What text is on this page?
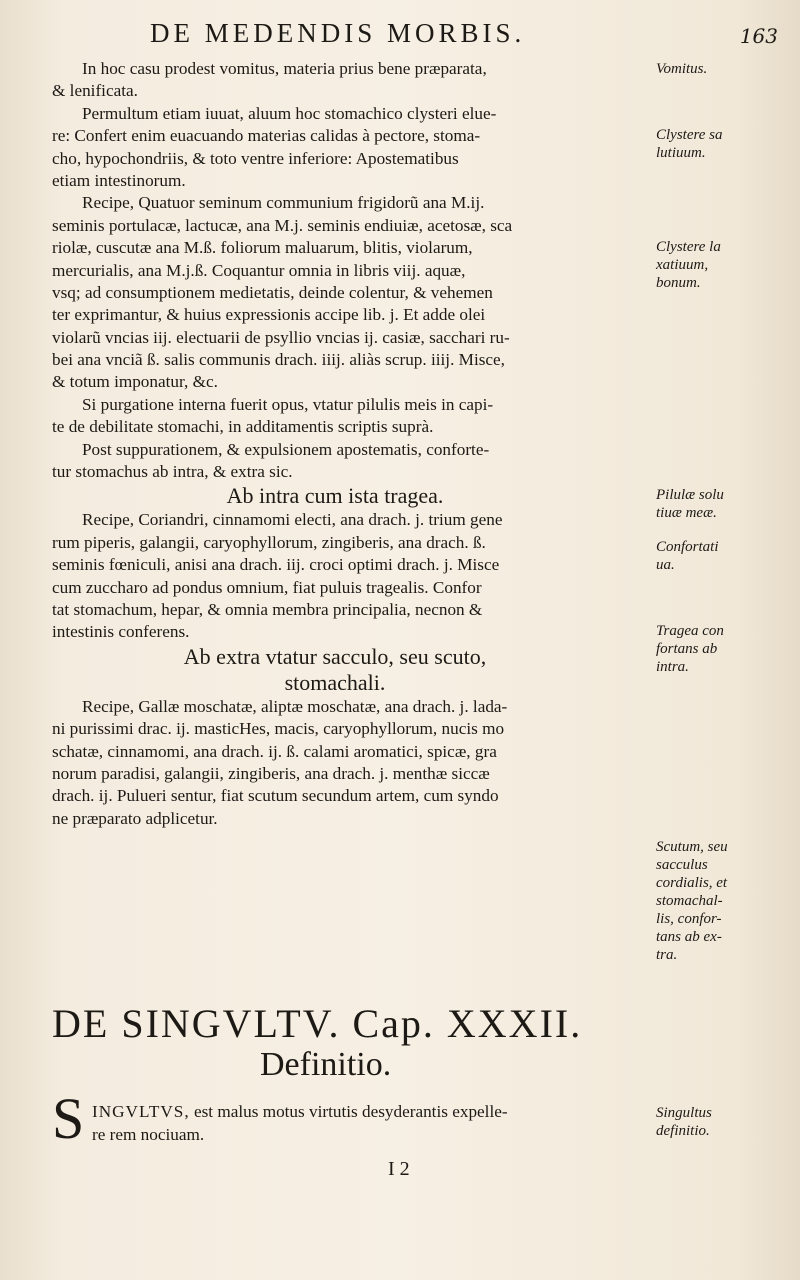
DE MEDENDIS MORBIS.	163
In hoc casu prodest vomitus, materia prius bene præparata,
& lenificata.
Permultum etiam iuuat, aluum hoc stomachico clysteri elue-
re: Confert enim euacuando materias calidas à pectore, stoma-
cho, hypochondriis, & toto ventre inferiore: Apostematibus
etiam intestinorum.
Recipe, Quatuor seminum communium frigidorũ ana M.ij.
seminis portulacæ, lactucæ, ana M.j. seminis endiuiæ, acetosæ, sca
riolæ, cuscutæ ana M.ß. foliorum maluarum, blitis, violarum,
mercurialis, ana M.j.ß. Coquantur omnia in libris viij. aquæ,
vsq; ad consumptionem medietatis, deinde colentur, & vehemen
ter exprimantur, & huius expressionis accipe lib. j. Et adde olei
violarũ vncias iij. electuarii de psyllio vncias ij. casiæ, sacchari ru-
bei ana vnciã ß. salis communis drach. iiij. aliàs scrup. iiij. Misce,
& totum imponatur, &c.
Si purgatione interna fuerit opus, vtatur pilulis meis in capi-
te de debilitate stomachi, in additamentis scriptis suprà.
Post suppurationem, & expulsionem apostematis, conforte-
tur stomachus ab intra, & extra sic.
Ab intra cum ista tragea.
Recipe, Coriandri, cinnamomi electi, ana drach. j. trium gene
rum piperis, galangii, caryophyllorum, zingiberis, ana drach. ß.
seminis fœniculi, anisi ana drach. iij. croci optimi drach. j. Misce
cum zuccharo ad pondus omnium, fiat puluis tragealis. Confor
tat stomachum, hepar, & omnia membra principalia, necnon &
intestinis conferens.
Ab extra vtatur sacculo, seu scuto,
stomachali.
Recipe, Gallæ moschatæ, aliptæ moschatæ, ana drach. j. lada-
ni purissimi drac. ij. masticHes, macis, caryophyllorum, nucis mo
schatæ, cinnamomi, ana drach. ij. ß. calami aromatici, spicæ, gra
norum paradisi, galangii, zingiberis, ana drach. j. menthæ siccæ
drach. ij. Pulueri sentur, fiat scutum secundum artem, cum syndo
ne præparato adplicetur.
DE SINGVLTV. Cap. XXXII.
Definitio.
S INGVLTVS, est malus motus virtutis desyderantis expelle-
re rem nociuam.
I 2
Vomitus.
Clystere sa
lutiuum.
Clystere la
xatiuum,
bonum.
Pilulæ solu
tiuæ meæ.
Confortati
ua.
Tragea con
fortans ab
intra.
Scutum, seu
sacculus
cordialis, et
stomachal-
lis, confor-
tans ab ex-
tra.
Singultus
definitio.
